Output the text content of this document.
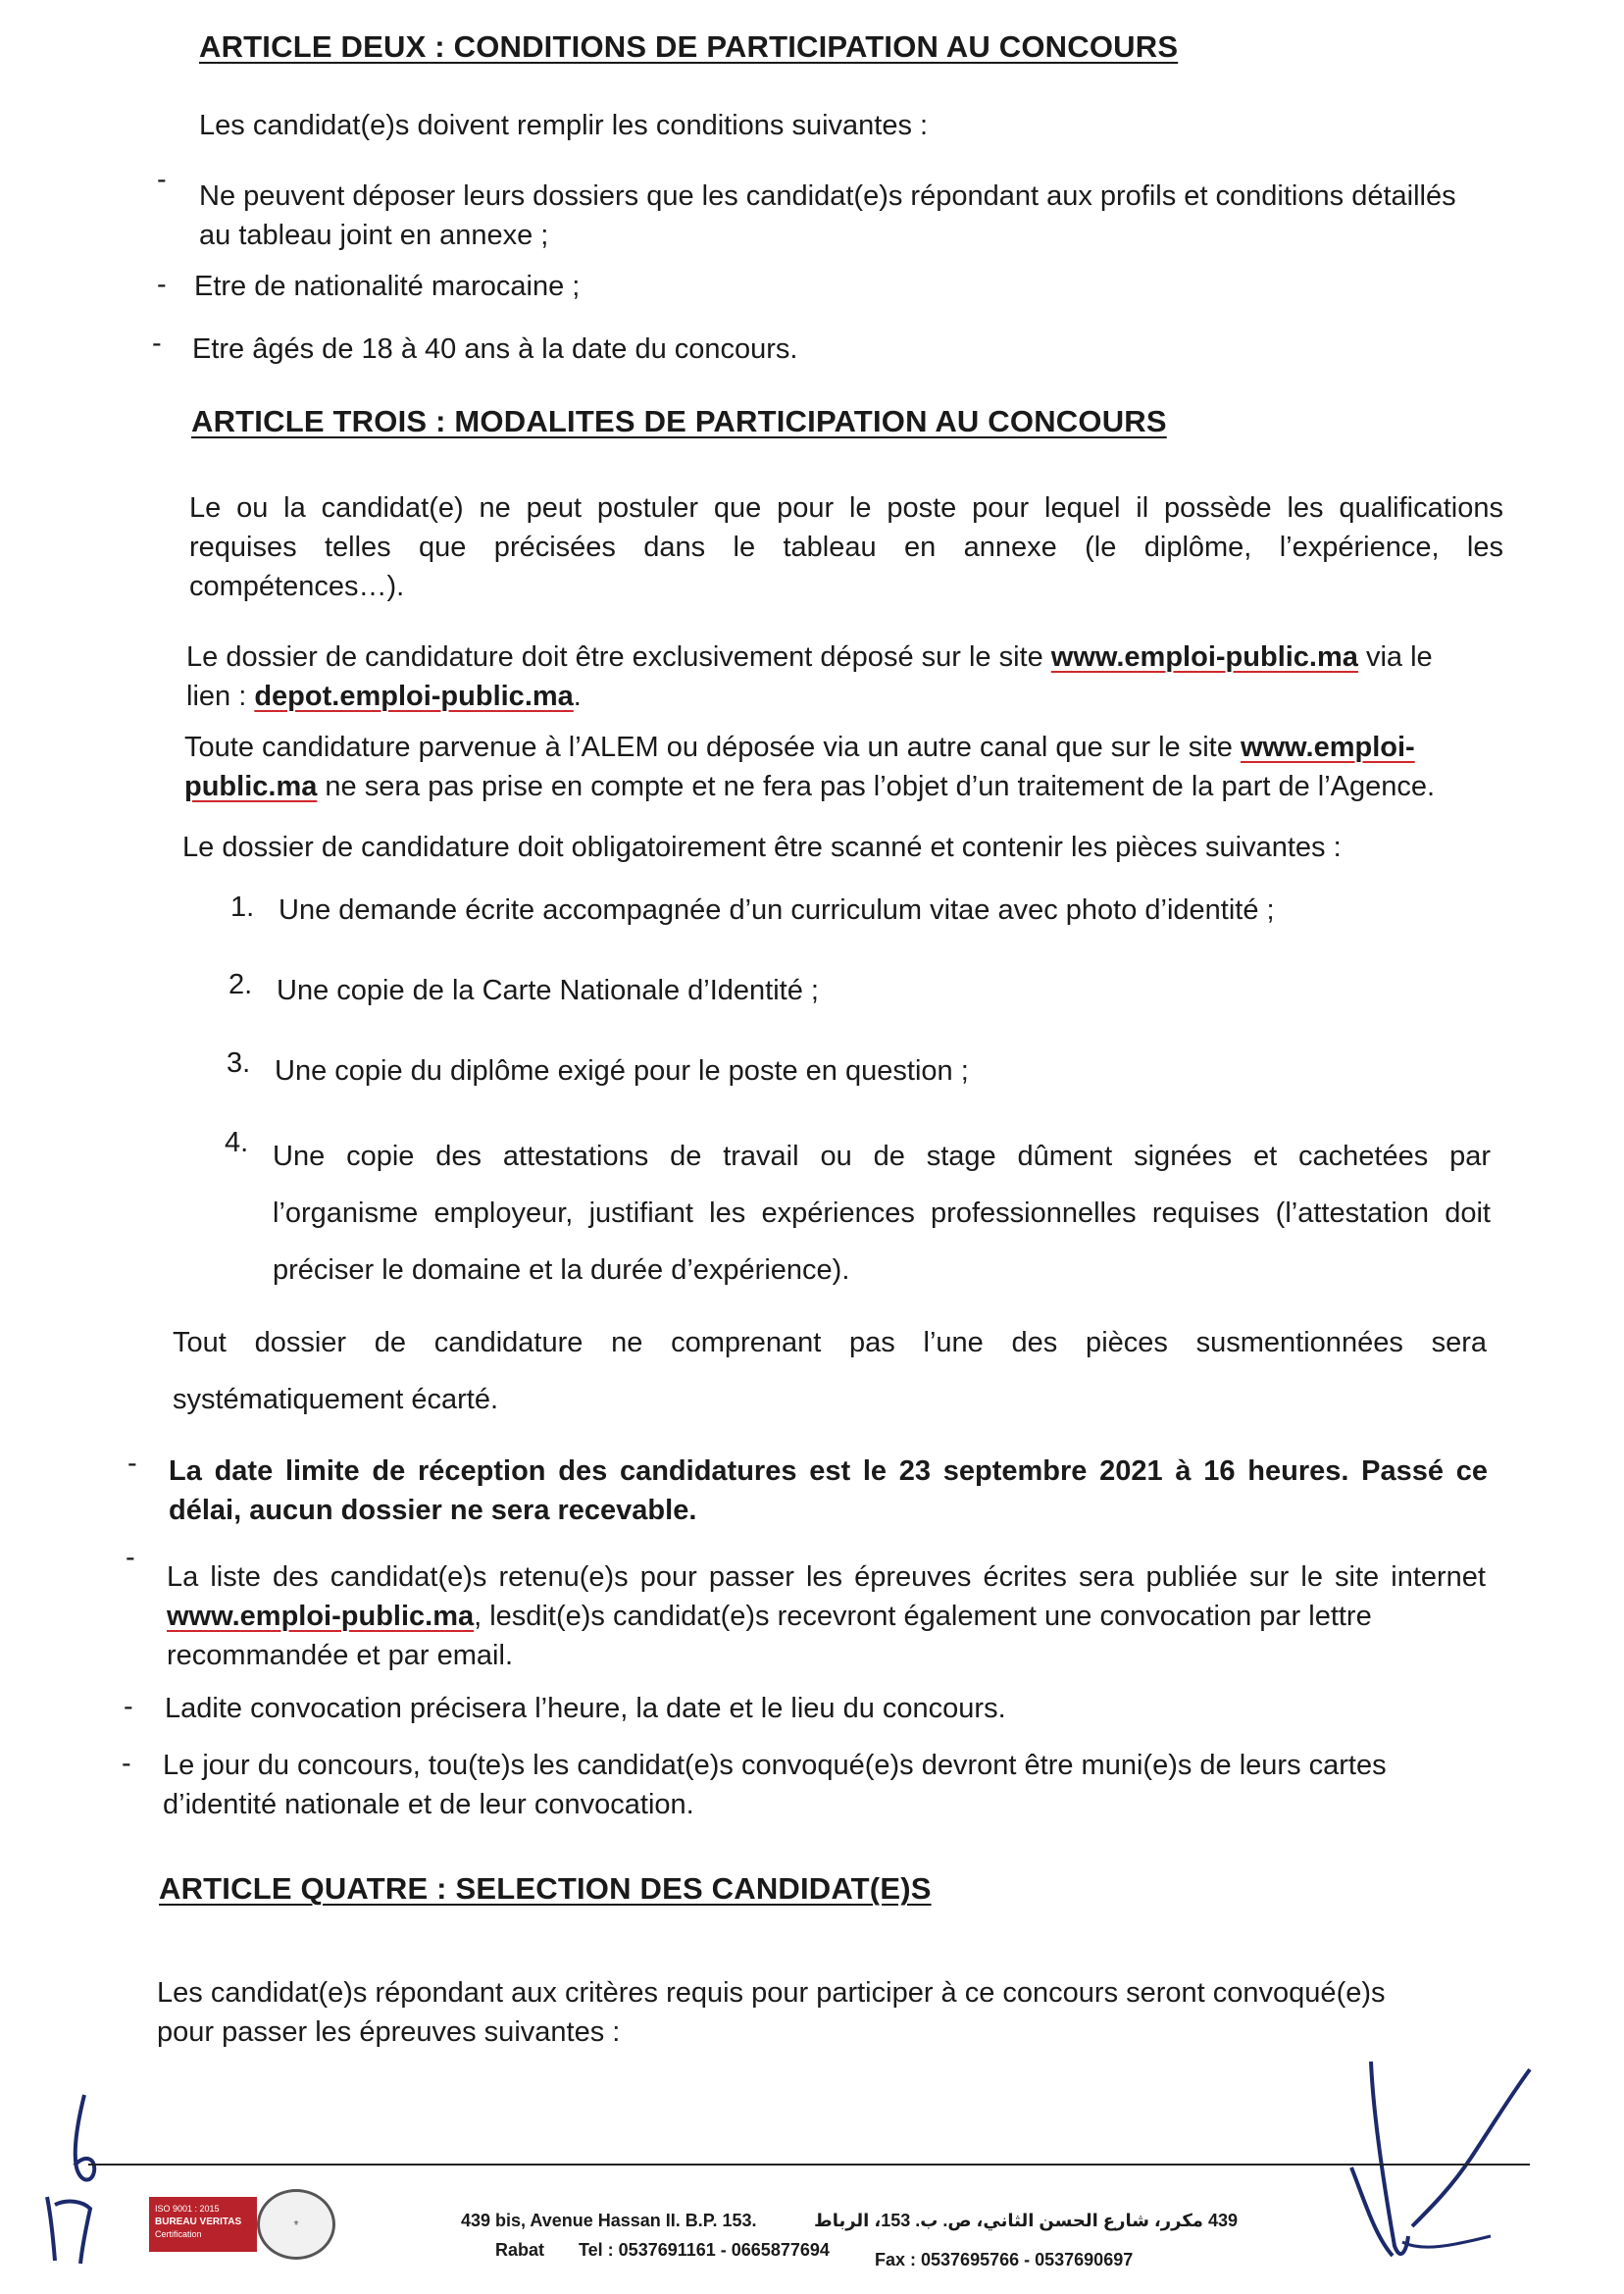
ARTICLE DEUX : CONDITIONS DE PARTICIPATION AU CONCOURS
Les candidat(e)s doivent remplir les conditions suivantes :
-
Ne peuvent déposer leurs dossiers que les candidat(e)s répondant aux profils et conditions détaillés
au tableau joint en annexe ;
- Etre de nationalité marocaine ;
- Etre âgés de 18 à 40 ans à la date du concours.
ARTICLE TROIS : MODALITES DE PARTICIPATION AU CONCOURS
Le ou la candidat(e) ne peut postuler que pour le poste pour lequel il possède les qualifications
requises telles que précisées dans le tableau en annexe (le diplôme, l’expérience, les
compétences…).
Le dossier de candidature doit être exclusivement déposé sur le site www.emploi-public.ma via le
lien : depot.emploi-public.ma.
Toute candidature parvenue à l’ALEM ou déposée via un autre canal que sur le site www.emploi-
public.ma ne sera pas prise en compte et ne fera pas l’objet d’un traitement de la part de l’Agence.
Le dossier de candidature doit obligatoirement être scanné et contenir les pièces suivantes :
1. Une demande écrite accompagnée d’un curriculum vitae avec photo d’identité ;
2. Une copie de la Carte Nationale d’Identité ;
3. Une copie du diplôme exigé pour le poste en question ;
4. Une copie des attestations de travail ou de stage dûment signées et cachetées par
l’organisme employeur, justifiant les expériences professionnelles requises (l’attestation doit
préciser le domaine et la durée d’expérience).
Tout dossier de candidature ne comprenant pas l’une des pièces susmentionnées sera
systématiquement écarté.
- La date limite de réception des candidatures est le 23 septembre 2021 à 16 heures. Passé ce
délai, aucun dossier ne sera recevable.
-
La liste des candidat(e)s retenu(e)s pour passer les épreuves écrites sera publiée sur le site internet
www.emploi-public.ma, lesdit(e)s candidat(e)s recevront également une convocation par lettre
recommandée et par email.
- Ladite convocation précisera l’heure, la date et le lieu du concours.
- Le jour du concours, tou(te)s les candidat(e)s convoqué(e)s devront être muni(e)s de leurs cartes
d’identité nationale et de leur convocation.
ARTICLE QUATRE : SELECTION DES CANDIDAT(E)S
Les candidat(e)s répondant aux critères requis pour participer à ce concours seront convoqué(e)s
pour passer les épreuves suivantes :
ISO 9001 : 2015
BUREAU VERITAS
Certification
⚜	439 bis, Avenue Hassan II. B.P. 153.	439 مكرر، شارع الحسن الثاني، ص. ب. 153، الرباط
Rabat Tel : 0537691161 - 0665877694	Fax : 0537695766 - 0537690697
